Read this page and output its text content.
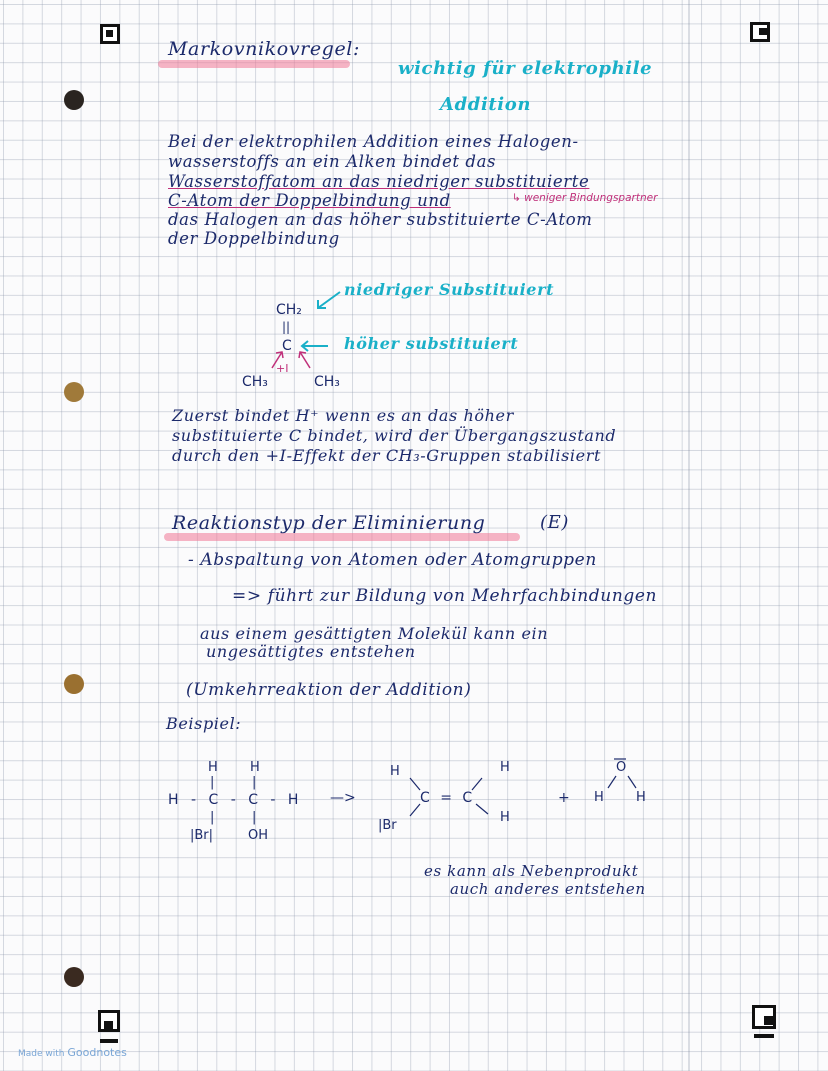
Markovnikovregel:
wichtig für elektrophile
Addition
Bei der elektrophilen Addition eines Halogen-
wasserstoffs an ein Alken bindet das
Wasserstoffatom an das niedriger substituierte
C-Atom der Doppelbindung und	↳ weniger Bindungspartner
das Halogen an das höher substituierte C-Atom
der Doppelbindung
CH₂
||
C
+I
CH₃	CH₃
niedriger Substituiert
höher substituiert
Zuerst bindet H⁺ wenn es an das höher
substituierte C bindet, wird der Übergangszustand
durch den +I-Effekt der CH₃-Gruppen stabilisiert
Reaktionstyp der Eliminierung	(E)
- Abspaltung von Atomen oder Atomgruppen
=> führt zur Bildung von Mehrfachbindungen
aus einem gesättigten Molekül kann ein
ungesättigtes entstehen
(Umkehrreaktion der Addition)
Beispiel:
H H
|	|
H - C - C - H
|	|
|Br|	OH
—>
H	H
C = C
|Br
H
+
O
H H
es kann als Nebenprodukt
auch anderes entstehen
Made with Goodnotes
